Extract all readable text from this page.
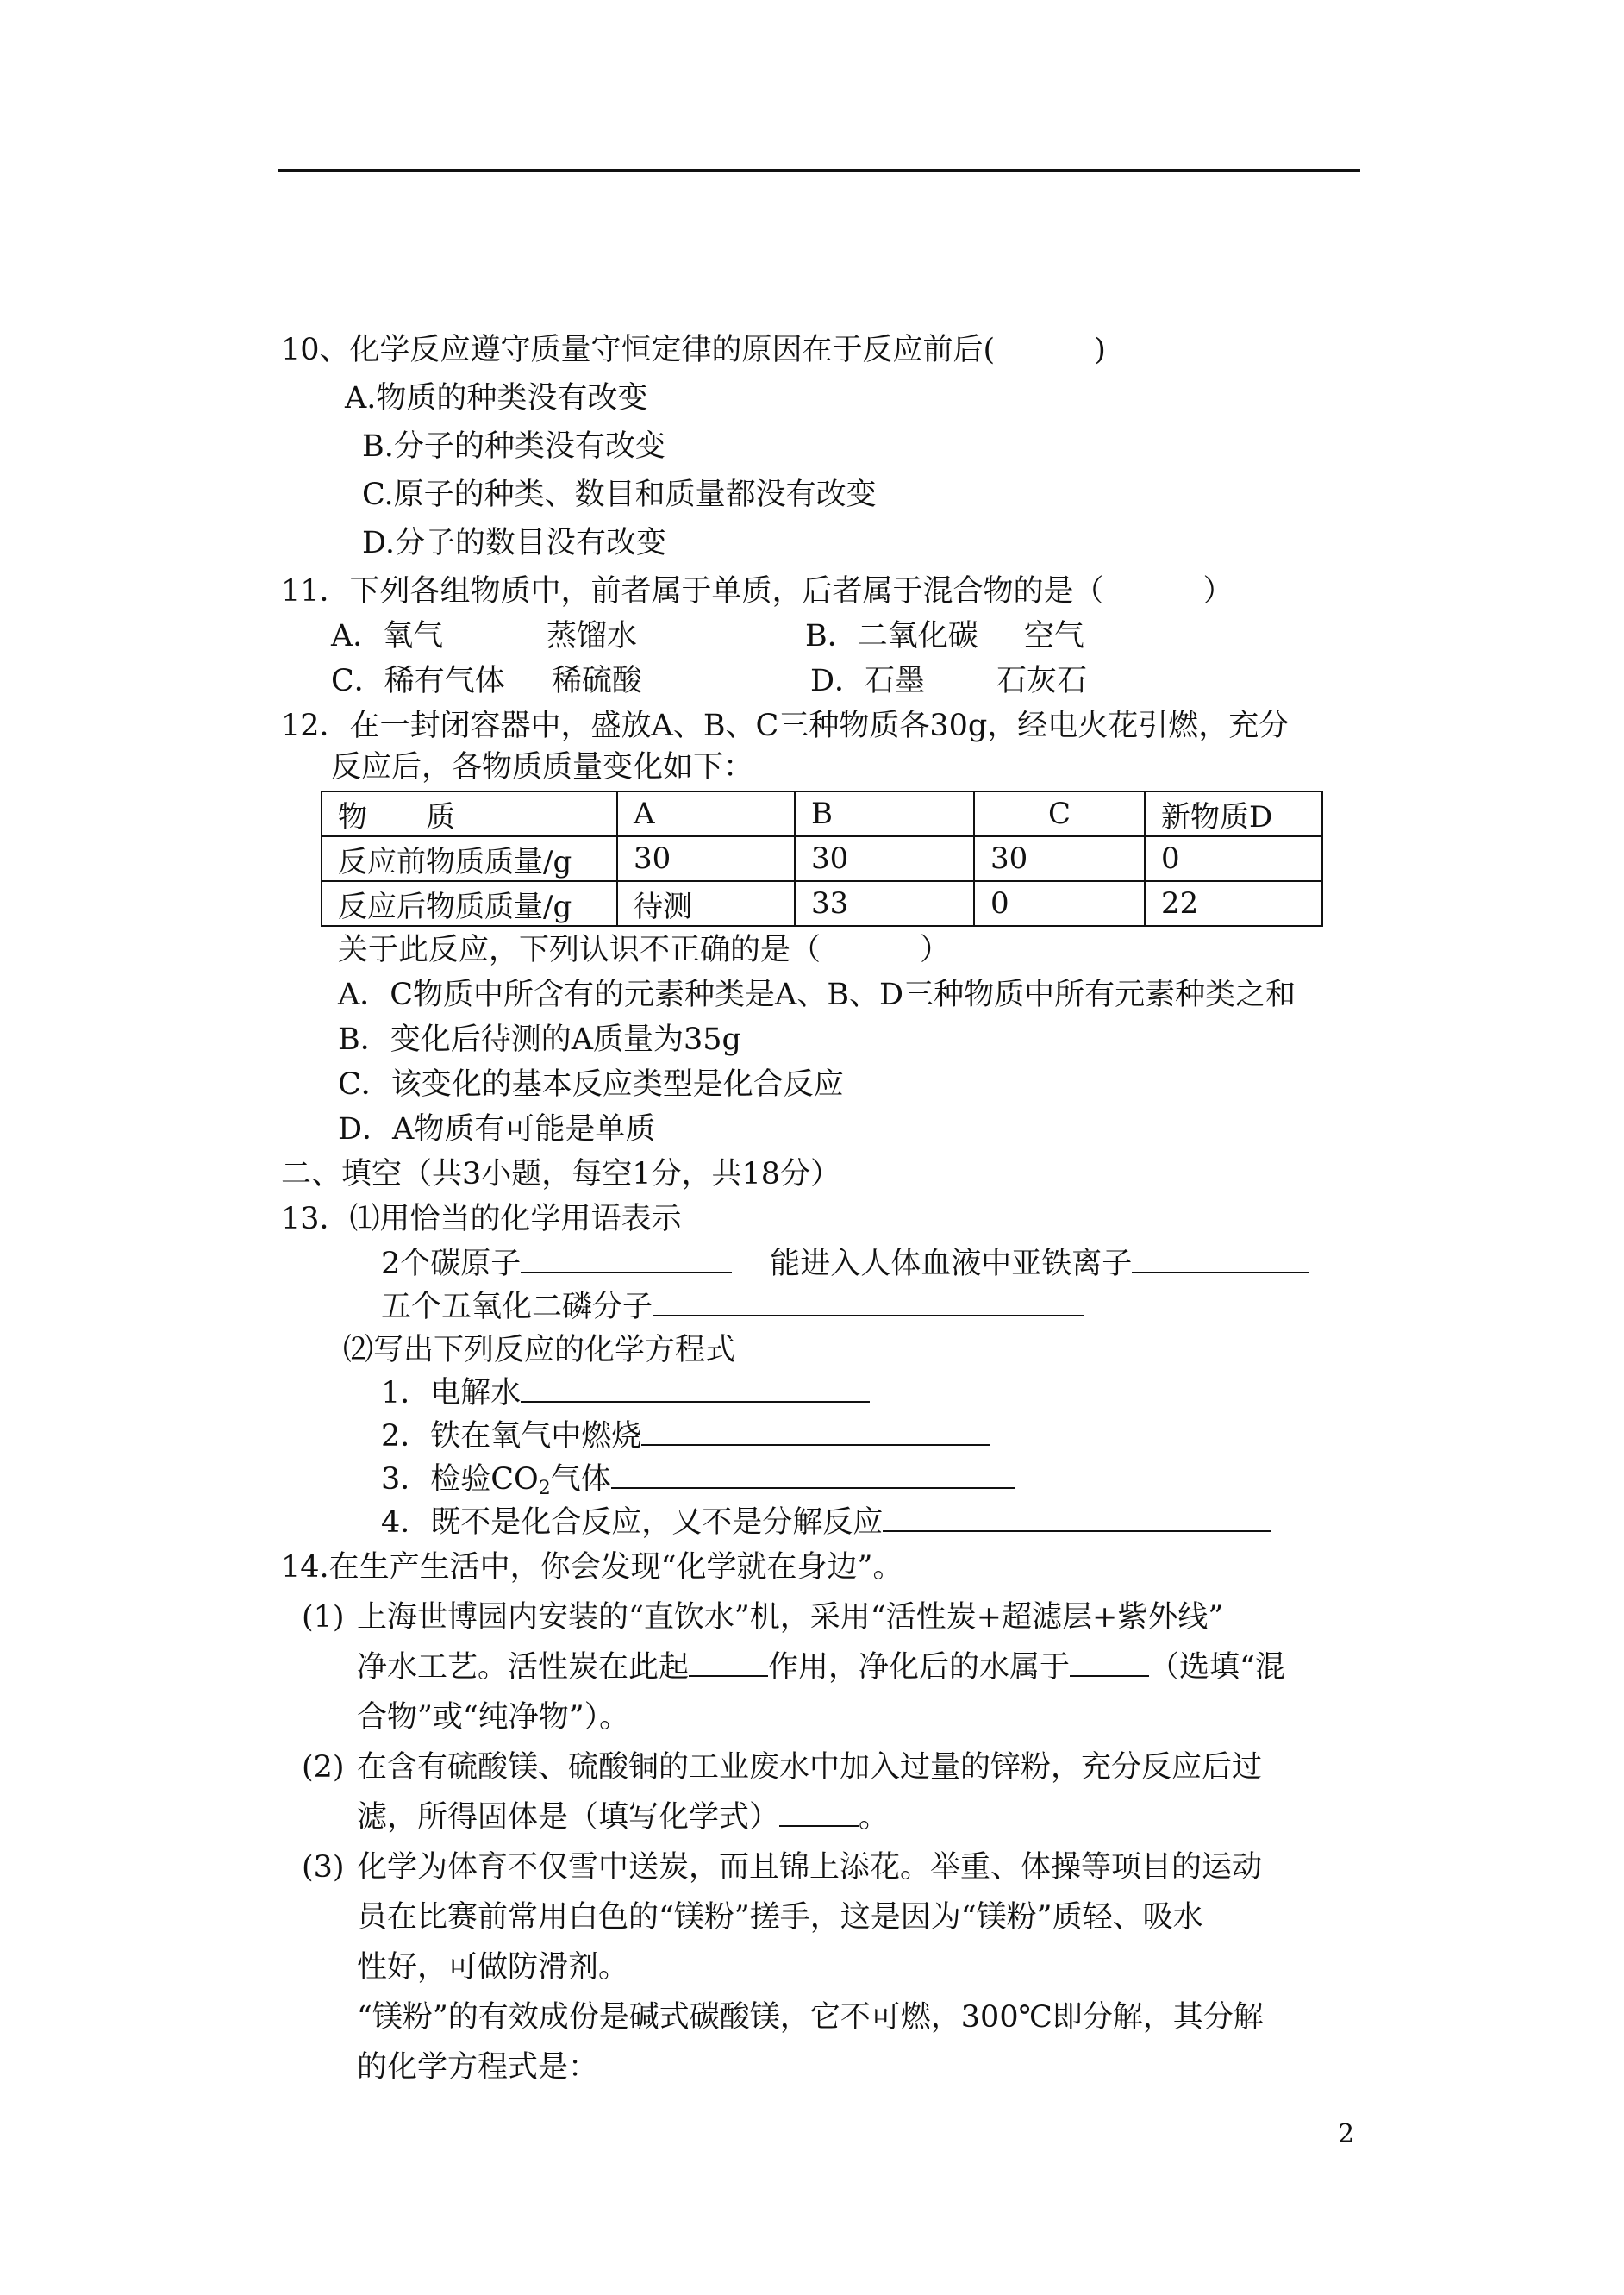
10、化学反应遵守质量守恒定律的原因在于反应前后(	)
A.物质的种类没有改变
B.分子的种类没有改变
C.原子的种类、数目和质量都没有改变
D.分子的数目没有改变
11．下列各组物质中，前者属于单质，后者属于混合物的是（	）
A．氧气	蒸馏水	B．二氧化碳 空气
C．稀有气体 稀硫酸	D．石墨 石灰石
12．在一封闭容器中，盛放A、B、C三种物质各30g，经电火花引燃，充分
反应后，各物质质量变化如下：
物　　质	A	B	C	新物质D
反应前物质质量/g	30	30	30	0
反应后物质质量/g	待测	33	0	22
关于此反应，下列认识不正确的是（	）
A．C物质中所含有的元素种类是A、B、D三种物质中所有元素种类之和
B．变化后待测的A质量为35g
C．该变化的基本反应类型是化合反应
D．A物质有可能是单质
二、填空（共3小题，每空1分，共18分）
13．⑴用恰当的化学用语表示
2个碳原子	能进入人体血液中亚铁离子
五个五氧化二磷分子
⑵写出下列反应的化学方程式
1．电解水
2．铁在氧气中燃烧
3．检验$CO_2$气体
4．既不是化合反应，又不是分解反应
14.在生产生活中，你会发现“化学就在身边”。
(1) 上海世博园内安装的“直饮水”机，采用“活性炭+超滤层+紫外线”
净水工艺。活性炭在此起	作用，净化后的水属于	（选填“混
合物”或“纯净物”）。
(2) 在含有硫酸镁、硫酸铜的工业废水中加入过量的锌粉，充分反应后过
滤，所得固体是（填写化学式）	。
(3) 化学为体育不仅雪中送炭，而且锦上添花。举重、体操等项目的运动
员在比赛前常用白色的“镁粉”搓手，这是因为“镁粉”质轻、吸水
性好，可做防滑剂。
“镁粉”的有效成份是碱式碳酸镁，它不可燃，300℃即分解，其分解
的化学方程式是：
2
